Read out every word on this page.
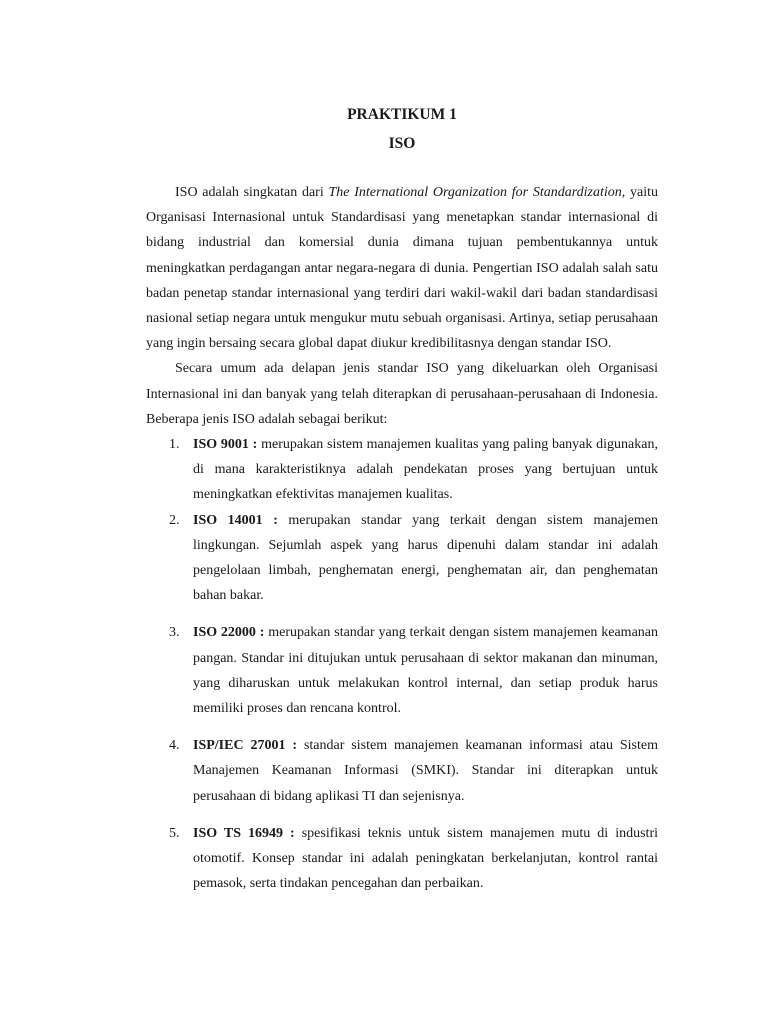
PRAKTIKUM 1

ISO

ISO adalah singkatan dari The International Organization for Standardization, yaitu Organisasi Internasional untuk Standardisasi yang menetapkan standar internasional di bidang industrial dan komersial dunia dimana tujuan pembentukannya untuk meningkatkan perdagangan antar negara-negara di dunia. Pengertian ISO adalah salah satu badan penetap standar internasional yang terdiri dari wakil-wakil dari badan standardisasi nasional setiap negara untuk mengukur mutu sebuah organisasi. Artinya, setiap perusahaan yang ingin bersaing secara global dapat diukur kredibilitasnya dengan standar ISO.

Secara umum ada delapan jenis standar ISO yang dikeluarkan oleh Organisasi Internasional ini dan banyak yang telah diterapkan di perusahaan-perusahaan di Indonesia. Beberapa jenis ISO adalah sebagai berikut:

1. ISO 9001 : merupakan sistem manajemen kualitas yang paling banyak digunakan, di mana karakteristiknya adalah pendekatan proses yang bertujuan untuk meningkatkan efektivitas manajemen kualitas.
2. ISO 14001 : merupakan standar yang terkait dengan sistem manajemen lingkungan. Sejumlah aspek yang harus dipenuhi dalam standar ini adalah pengelolaan limbah, penghematan energi, penghematan air, dan penghematan bahan bakar.
3. ISO 22000 : merupakan standar yang terkait dengan sistem manajemen keamanan pangan. Standar ini ditujukan untuk perusahaan di sektor makanan dan minuman, yang diharuskan untuk melakukan kontrol internal, dan setiap produk harus memiliki proses dan rencana kontrol.
4. ISP/IEC 27001 : standar sistem manajemen keamanan informasi atau Sistem Manajemen Keamanan Informasi (SMKI). Standar ini diterapkan untuk perusahaan di bidang aplikasi TI dan sejenisnya.
5. ISO TS 16949 : spesifikasi teknis untuk sistem manajemen mutu di industri otomotif. Konsep standar ini adalah peningkatan berkelanjutan, kontrol rantai pemasok, serta tindakan pencegahan dan perbaikan.
